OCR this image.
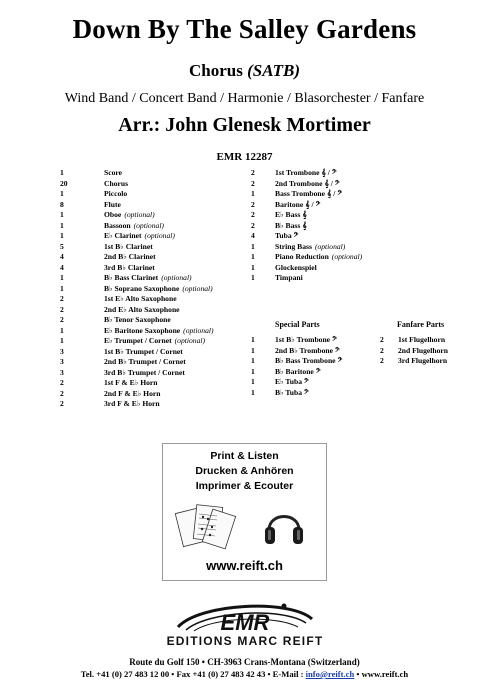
Down By The Salley Gardens
Chorus (SATB)
Wind Band / Concert Band / Harmonie / Blasorchester / Fanfare
Arr.: John Glenesk Mortimer
EMR 12287
1	Score
20	Chorus
1	Piccolo
8	Flute
1	Oboe (optional)
1	Bassoon (optional)
1	E♭ Clarinet (optional)
5	1st B♭ Clarinet
4	2nd B♭ Clarinet
4	3rd B♭ Clarinet
1	B♭ Bass Clarinet (optional)
1	B♭ Soprano Saxophone (optional)
2	1st E♭ Alto Saxophone
2	2nd E♭ Alto Saxophone
2	B♭ Tenor Saxophone
1	E♭ Baritone Saxophone (optional)
1	E♭ Trumpet / Cornet (optional)
3	1st B♭ Trumpet / Cornet
3	2nd B♭ Trumpet / Cornet
3	3rd B♭ Trumpet / Cornet
2	1st F & E♭ Horn
2	2nd F & E♭ Horn
2	3rd F & E♭ Horn
2	1st Trombone 𝄞 / 𝄢
2	2nd Trombone 𝄞 / 𝄢
1	Bass Trombone 𝄞 / 𝄢
2	Baritone 𝄞 / 𝄢
2	E♭ Bass 𝄞
2	B♭ Bass 𝄞
4	Tuba 𝄢
1	String Bass (optional)
1	Piano Reduction (optional)
1	Glockenspiel
1	Timpani
Special Parts	Fanfare Parts
1	1st B♭ Trombone 𝄢
1	2nd B♭ Trombone 𝄢
1	B♭ Bass Trombone 𝄢
1	B♭ Baritone 𝄢
1	E♭ Tuba 𝄢
1	B♭ Tuba 𝄢
2	1st Flugelhorn
2	2nd Flugelhorn
2	3rd Flugelhorn
Print & Listen
Drucken & Anhören
Imprimer & Ecouter
www.reift.ch
EMR
EDITIONS MARC REIFT
Route du Golf 150 • CH-3963 Crans-Montana (Switzerland)
Tel. +41 (0) 27 483 12 00 • Fax +41 (0) 27 483 42 43 • E-Mail : info@reift.ch • www.reift.ch
